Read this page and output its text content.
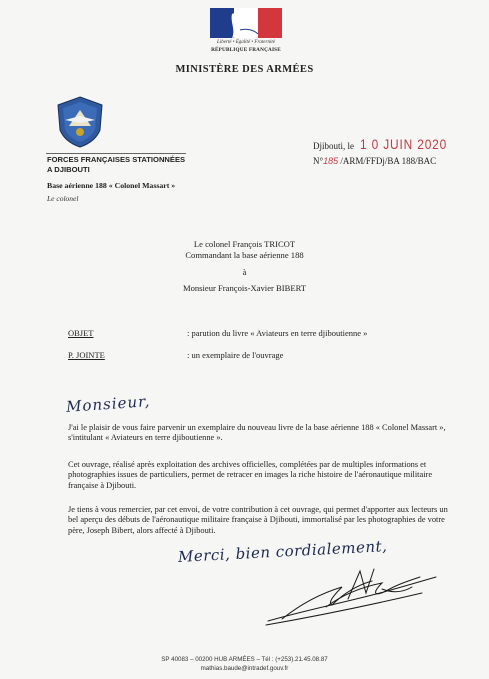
Liberté • Égalité • Fraternité
RÉPUBLIQUE FRANÇAISE
MINISTÈRE DES ARMÉES
FORCES FRANÇAISES STATIONNÉES
A DJIBOUTI
Base aérienne 188 « Colonel Massart »
Le colonel
Djibouti, le 1 0 JUIN 2020
N°185 /ARM/FFDj/BA 188/BAC
Le colonel François TRICOT
Commandant la base aérienne 188
à
Monsieur François-Xavier BIBERT
OBJET	: parution du livre « Aviateurs en terre djiboutienne »
P. JOINTE	: un exemplaire de l'ouvrage
Monsieur,
J'ai le plaisir de vous faire parvenir un exemplaire du nouveau livre de la base aérienne 188 « Colonel Massart », s'intitulant « Aviateurs en terre djiboutienne ».
Cet ouvrage, réalisé après exploitation des archives officielles, complétées par de multiples informations et photographies issues de particuliers, permet de retracer en images la riche histoire de l'aéronautique militaire française à Djibouti.
Je tiens à vous remercier, par cet envoi, de votre contribution à cet ouvrage, qui permet d'apporter aux lecteurs un bel aperçu des débuts de l'aéronautique militaire française à Djibouti, immortalisé par les photographies de votre père, Joseph Bibert, alors affecté à Djibouti.
Merci, bien cordialement,
SP 40083 – 00200 HUB ARMÉES – Tél : (+253).21.45.08.87
mathias.baude@intradef.gouv.fr
